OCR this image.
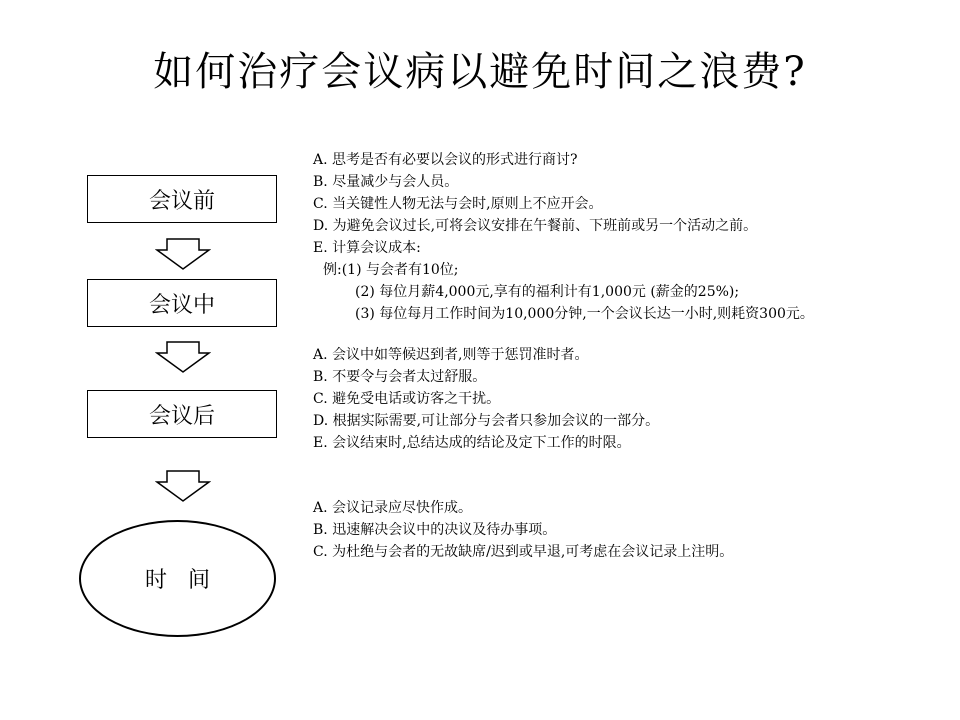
如何治疗会议病以避免时间之浪费?
会议前
会议中
会议后
时   间
A. 思考是否有必要以会议的形式进行商讨?
B. 尽量减少与会人员。
C. 当关键性人物无法与会时,原则上不应开会。
D. 为避免会议过长,可将会议安排在午餐前、下班前或另一个活动之前。
E. 计算会议成本:
例:(1) 与会者有10位;
(2) 每位月薪4,000元,享有的福利计有1,000元 (薪金的25%);
(3) 每位每月工作时间为10,000分钟,一个会议长达一小时,则耗资300元。
A. 会议中如等候迟到者,则等于惩罚准时者。
B. 不要令与会者太过舒服。
C. 避免受电话或访客之干扰。
D. 根据实际需要,可让部分与会者只参加会议的一部分。
E. 会议结束时,总结达成的结论及定下工作的时限。
A. 会议记录应尽快作成。
B. 迅速解决会议中的决议及待办事项。
C. 为杜绝与会者的无故缺席/迟到或早退,可考虑在会议记录上注明。
